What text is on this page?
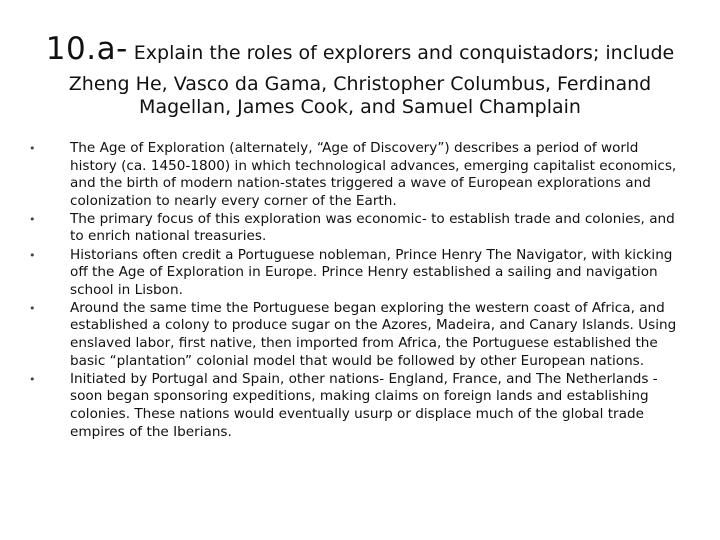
10.a- Explain the roles of explorers and conquistadors; include
Zheng He, Vasco da Gama, Christopher Columbus, Ferdinand Magellan, James Cook, and Samuel Champlain
•	The Age of Exploration (alternately, “Age of Discovery”) describes a period of world history (ca. 1450-1800) in which technological advances, emerging capitalist economics, and the birth of modern nation-states triggered a wave of European explorations and colonization to nearly every corner of the Earth.
•	The primary focus of this exploration was economic- to establish trade and colonies, and to enrich national treasuries.
•	Historians often credit a Portuguese nobleman, Prince Henry The Navigator, with kicking off the Age of Exploration in Europe. Prince Henry established a sailing and navigation school in Lisbon.
•	Around the same time the Portuguese began exploring the western coast of Africa, and established a colony to produce sugar on the Azores, Madeira, and Canary Islands. Using enslaved labor, first native, then imported from Africa, the Portuguese established the basic “plantation” colonial model that would be followed by other European nations.
•	Initiated by Portugal and Spain, other nations- England, France, and The Netherlands - soon began sponsoring expeditions, making claims on foreign lands and establishing colonies. These nations would eventually usurp or displace much of the global trade empires of the Iberians.
